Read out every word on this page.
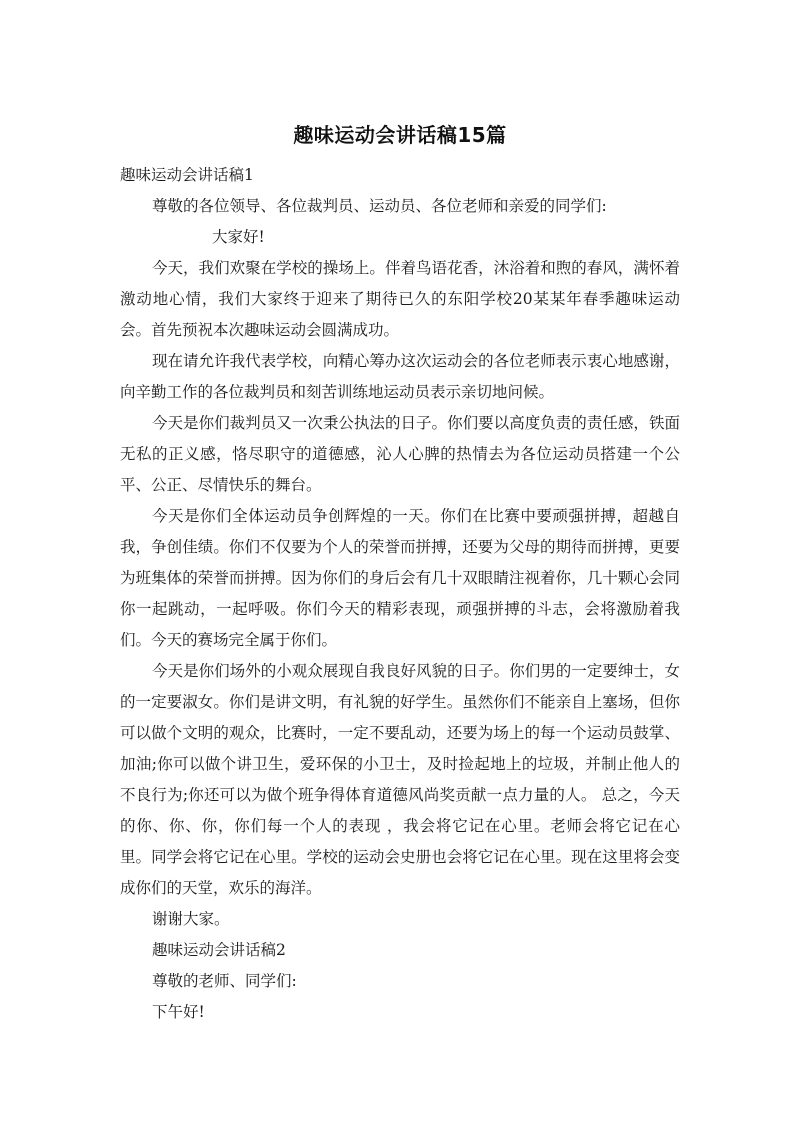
趣味运动会讲话稿15篇

趣味运动会讲话稿1

尊敬的各位领导、各位裁判员、运动员、各位老师和亲爱的同学们:

大家好!

今天，我们欢聚在学校的操场上。伴着鸟语花香，沐浴着和煦的春风，满怀着激动地心情，我们大家终于迎来了期待已久的东阳学校20某某年春季趣味运动会。首先预祝本次趣味运动会圆满成功。

现在请允许我代表学校，向精心筹办这次运动会的各位老师表示衷心地感谢，向辛勤工作的各位裁判员和刻苦训练地运动员表示亲切地问候。

今天是你们裁判员又一次秉公执法的日子。你们要以高度负责的责任感，铁面无私的正义感，恪尽职守的道德感，沁人心脾的热情去为各位运动员搭建一个公平、公正、尽情快乐的舞台。

今天是你们全体运动员争创辉煌的一天。你们在比赛中要顽强拼搏，超越自我，争创佳绩。你们不仅要为个人的荣誉而拼搏，还要为父母的期待而拼搏，更要为班集体的荣誉而拼搏。因为你们的身后会有几十双眼睛注视着你，几十颗心会同你一起跳动，一起呼吸。你们今天的精彩表现，顽强拼搏的斗志，会将激励着我们。今天的赛场完全属于你们。

今天是你们场外的小观众展现自我良好风貌的日子。你们男的一定要绅士，女的一定要淑女。你们是讲文明，有礼貌的好学生。虽然你们不能亲自上塞场，但你可以做个文明的观众，比赛时，一定不要乱动，还要为场上的每一个运动员鼓掌、加油;你可以做个讲卫生，爱环保的小卫士，及时捡起地上的垃圾，并制止他人的不良行为;你还可以为做个班争得体育道德风尚奖贡献一点力量的人。 总之，今天的你、你、你，你们每一个人的表现 ，我会将它记在心里。老师会将它记在心里。同学会将它记在心里。学校的运动会史册也会将它记在心里。现在这里将会变成你们的天堂，欢乐的海洋。

谢谢大家。

趣味运动会讲话稿2

尊敬的老师、同学们:

下午好!
